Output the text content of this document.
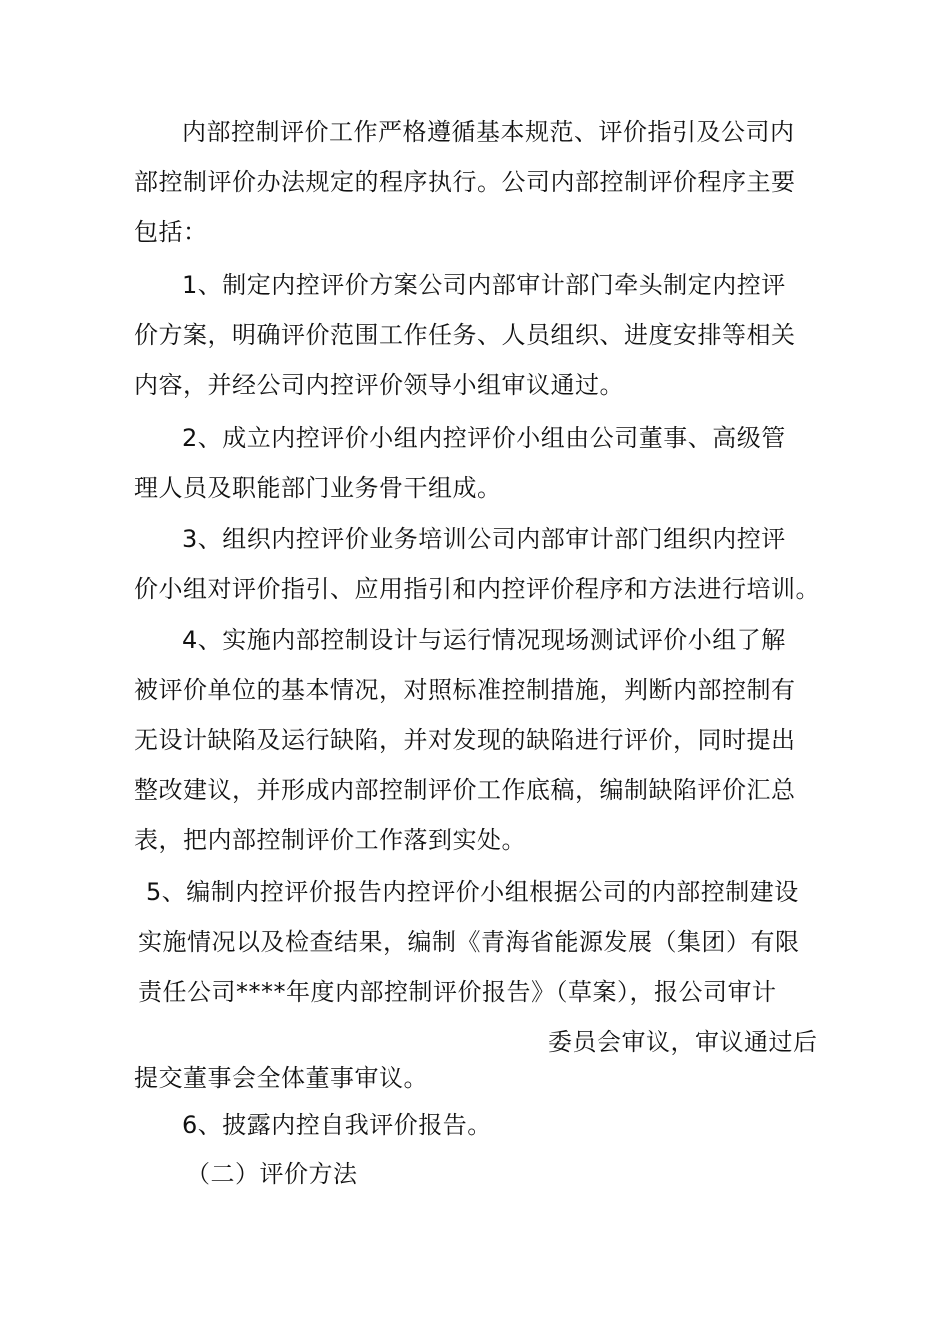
内部控制评价工作严格遵循基本规范、评价指引及公司内
部控制评价办法规定的程序执行。公司内部控制评价程序主要
包括：
1、制定内控评价方案公司内部审计部门牵头制定内控评
价方案，明确评价范围工作任务、人员组织、进度安排等相关
内容，并经公司内控评价领导小组审议通过。
2、成立内控评价小组内控评价小组由公司董事、高级管
理人员及职能部门业务骨干组成。
3、组织内控评价业务培训公司内部审计部门组织内控评
价小组对评价指引、应用指引和内控评价程序和方法进行培训。
4、实施内部控制设计与运行情况现场测试评价小组了解
被评价单位的基本情况，对照标准控制措施，判断内部控制有
无设计缺陷及运行缺陷，并对发现的缺陷进行评价，同时提出
整改建议，并形成内部控制评价工作底稿，编制缺陷评价汇总
表，把内部控制评价工作落到实处。
5、编制内控评价报告内控评价小组根据公司的内部控制建设
实施情况以及检查结果，编制《青海省能源发展（集团）有限
责任公司****年度内部控制评价报告》（草案），报公司审计
委员会审议，审议通过后
提交董事会全体董事审议。
6、披露内控自我评价报告。
（二）评价方法
